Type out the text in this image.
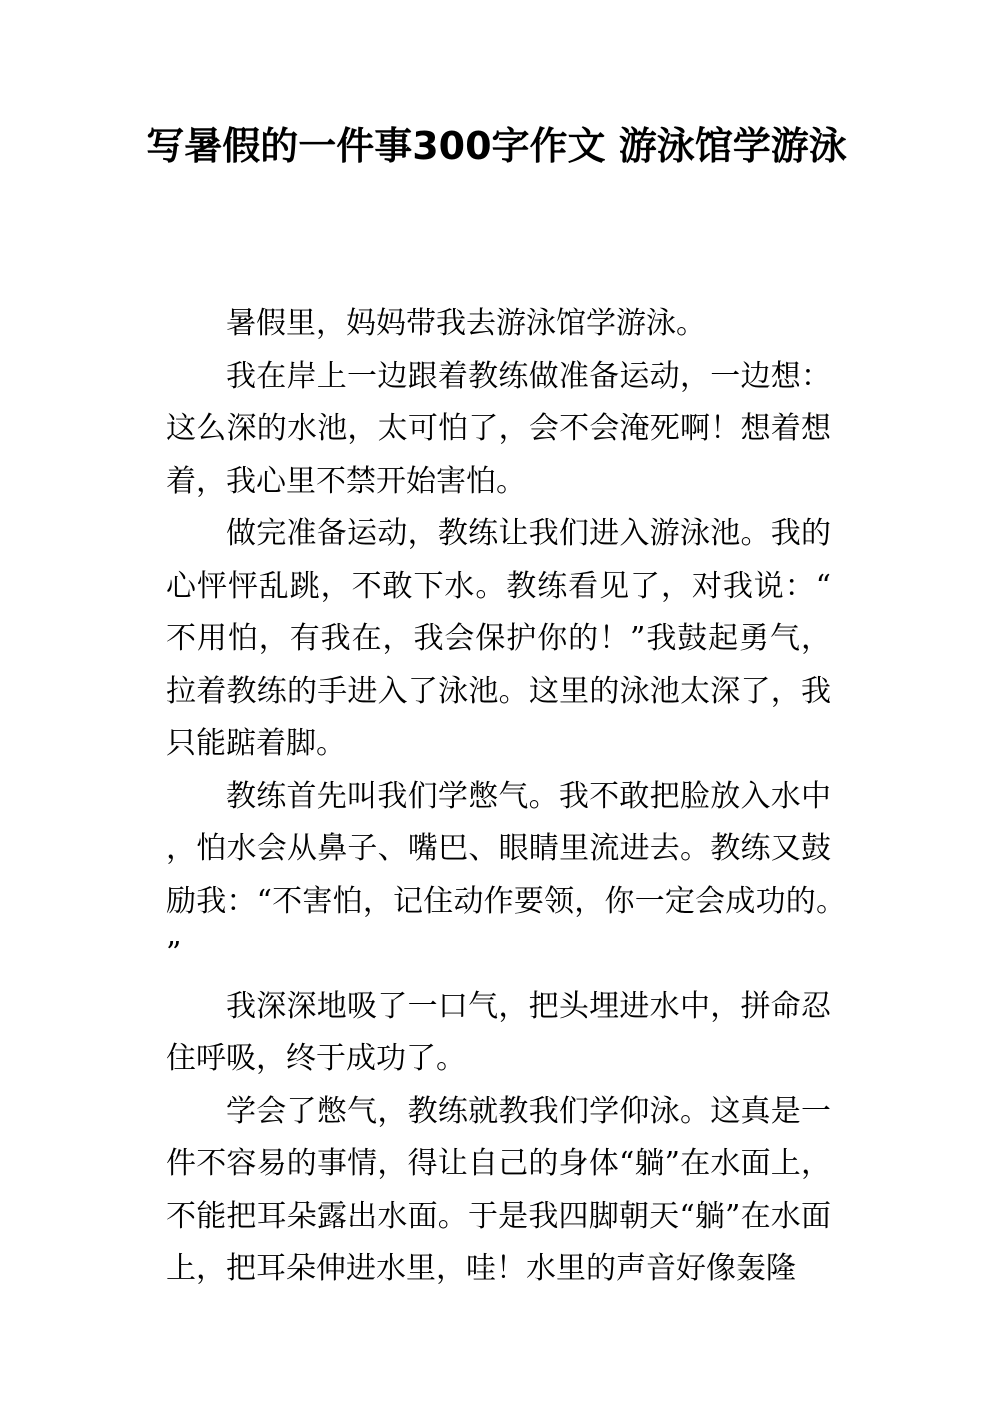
写暑假的一件事300字作文 游泳馆学游泳

暑假里，妈妈带我去游泳馆学游泳。

我在岸上一边跟着教练做准备运动，一边想：这么深的水池，太可怕了，会不会淹死啊！想着想着，我心里不禁开始害怕。

做完准备运动，教练让我们进入游泳池。我的心怦怦乱跳，不敢下水。教练看见了，对我说：“不用怕，有我在，我会保护你的！”我鼓起勇气，拉着教练的手进入了泳池。这里的泳池太深了，我只能踮着脚。

教练首先叫我们学憋气。我不敢把脸放入水中，怕水会从鼻子、嘴巴、眼睛里流进去。教练又鼓励我：“不害怕，记住动作要领，你一定会成功的。”

我深深地吸了一口气，把头埋进水中，拼命忍住呼吸，终于成功了。

学会了憋气，教练就教我们学仰泳。这真是一件不容易的事情，得让自己的身体“躺”在水面上，不能把耳朵露出水面。于是我四脚朝天“躺”在水面上，把耳朵伸进水里，哇！水里的声音好像轰隆
